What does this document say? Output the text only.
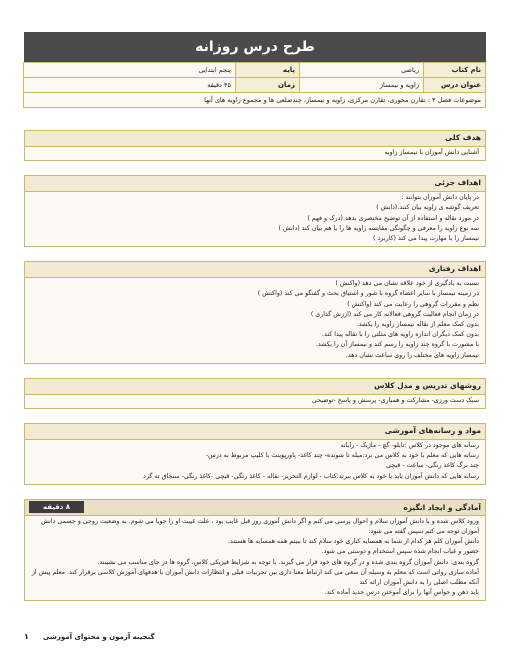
طرح درس روزانه
نام کتاب	ریاضی	پایه	پنجم ابتدایی
عنوان درس	زاویه و نیمساز	زمان	۴۵ دقیقه
موضوعات فصل ۴ : تقارن محوری، تقارن مرکزی، زاویه و نیمساز، چندضلعی ها و مجموع زاویه های آنها			
هدف کلی
آشنایی دانش آموزان با نیمساز زاویه
اهداف جزئی
در پایان دانش آموزان بتوانند :
تعریف گوشه ی زاویه بیان کنند.(دانش )
در مورد نقاله و استفاده از آن توضیح مختصری بدهد.(درک و فهم )
سه نوع زاویه را معرفی و چگونگی مقایسه زاویه ها را با هم بیان کند (دانش )
نیمساز را با مهارت پیدا می کند (کاربرد )
اهداف رفتاری
نسبت به یادگیری از خود علاقه نشان می دهد (واکنش )
در زمینه نیمساز با سایر اعضاء گروه با شور و اشتیاق بحث و گفتگو می کند (واکنش )
نظم و مقررات گروهی را رعایت می کند (واکنش )
در زمان انجام فعالیت گروهی فعالانه کار می کند (ارزش گذاری )
بدون کمک معلم از نقاله نیمساز زاویه را بکشد.
بدون کمک دیگران اندازه زاویه های مثلثی را با نقاله پیدا کند.
با مشورت با گروه چند زاویه را رسم کند و نیمساز آن را بکشد.
نیمساز زاویه های مختلف را روی ساعت نشان دهد.
روشهای تدریس و مدل کلاس
سبک دست ورزی- مشارکت و همیاری- پرسش و پاسخ -توضیحی
مواد و رسانه‌های آموزشی
رسانه های موجود در کلاس :تابلو- گچ - ماژیک - رایانه
رسانه هایی که معلم با خود به کلاس می برد:میله تا شونده- چند کاغذ- پاورپوینت با کلیپ مربوط به درس-
چند برگ کاغذ رنگی- ساعت - قیچی
رسانه هایی که دانش آموزان باید با خود به کلاس بیرند:کتاب - لوازم التحریر- نقاله - کاغذ رنگی- قیچی -کاغذ رنگی- سنجاق ته گرد
آمادگی و ایجاد انگیزه
۸ دقیقه
ورود کلاس شده و با دانش آموزان سلام و احوال پرسی می کنم و اگر دانش آموزی روز قبل غایب بود ، علت غیبت او را جویا می شوم. به وضعیت روحی و جسمی دانش آموزان توجه می کنم سپس گفته می شود:
دانش آموزان کلم هر کدام از شما به همسایه کناری خود سلام کند تا ببینم همه همسایه ها هستند.
حضور و غیاب انجام شده سپس استخدام و دوستی می شود.
گروه بندی: دانش آموزان گروه بندی شده و در گروه های خود قرار می گیرند. با توجه به شرایط فیزیکی کلاس، گروه ها در جای مناسب می نشینند.
آماده سازی روانی است که معلم به وسیله آن سعی می کند ارتباط معنا داری بین تجربیات قبلی و انتظارات دانش آموزان با هدفهای آموزش کلاسی برقرار کند. معلم پیش از آنکه مطلب اصلی را به دانش آموزان ارائه کند
باید ذهن و حواس آنها را برای آموختن درس جدید آماده کند.
۱ گنجینه آزمون و محتوای آموزشی
